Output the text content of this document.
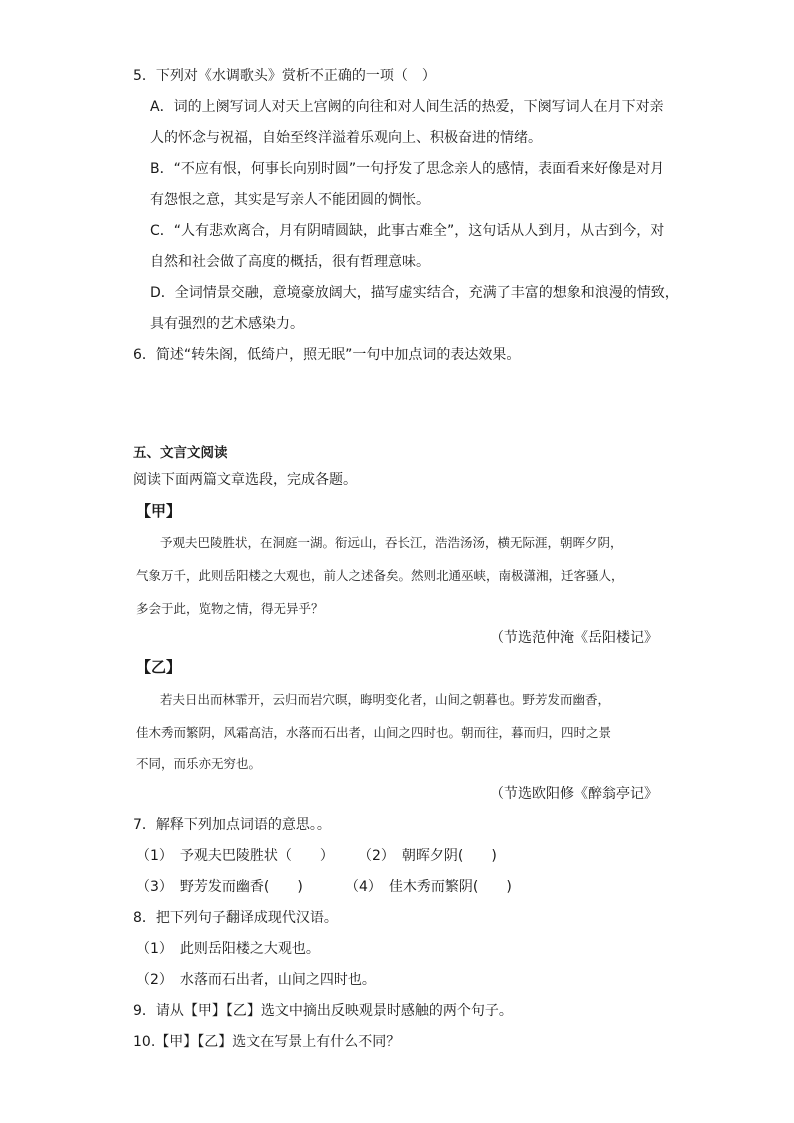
5．下列对《水调歌头》赏析不正确的一项（　）
A．词的上阕写词人对天上宫阙的向往和对人间生活的热爱，下阕写词人在月下对亲
人的怀念与祝福，自始至终洋溢着乐观向上、积极奋进的情绪。
B．“不应有恨，何事长向别时圆”一句抒发了思念亲人的感情，表面看来好像是对月
有怨恨之意，其实是写亲人不能团圆的惆怅。
C．“人有悲欢离合，月有阴晴圆缺，此事古难全”，这句话从人到月，从古到今，对
自然和社会做了高度的概括，很有哲理意味。
D．全词情景交融，意境豪放阔大，描写虚实结合，充满了丰富的想象和浪漫的情致，
具有强烈的艺术感染力。
6．简述“转朱阁，低绮户，照无眠”一句中加点词的表达效果。
五、文言文阅读
阅读下面两篇文章选段，完成各题。
【甲】
予观夫巴陵胜状，在洞庭一湖。衔远山，吞长江，浩浩汤汤，横无际涯，朝晖夕阴，
气象万千，此则岳阳楼之大观也，前人之述备矣。然则北通巫峡，南极潇湘，迁客骚人，
多会于此，览物之情，得无异乎？
（节选范仲淹《岳阳楼记》
【乙】
若夫日出而林霏开，云归而岩穴暝，晦明变化者，山间之朝暮也。野芳发而幽香，
佳木秀而繁阴，风霜高洁，水落而石出者，山间之四时也。朝而往，暮而归，四时之景
不同，而乐亦无穷也。
（节选欧阳修《醉翁亭记》
7．解释下列加点词语的意思。。
（1）　予观夫巴陵胜状（　　） （2）　朝晖夕阴(　　)
（3）　野芳发而幽香(　　)	（4）　佳木秀而繁阴(　　)
8．把下列句子翻译成现代汉语。
（1）　此则岳阳楼之大观也。
（2）　水落而石出者，山间之四时也。
9．请从【甲】【乙】选文中摘出反映观景时感触的两个句子。
10.【甲】【乙】选文在写景上有什么不同？
